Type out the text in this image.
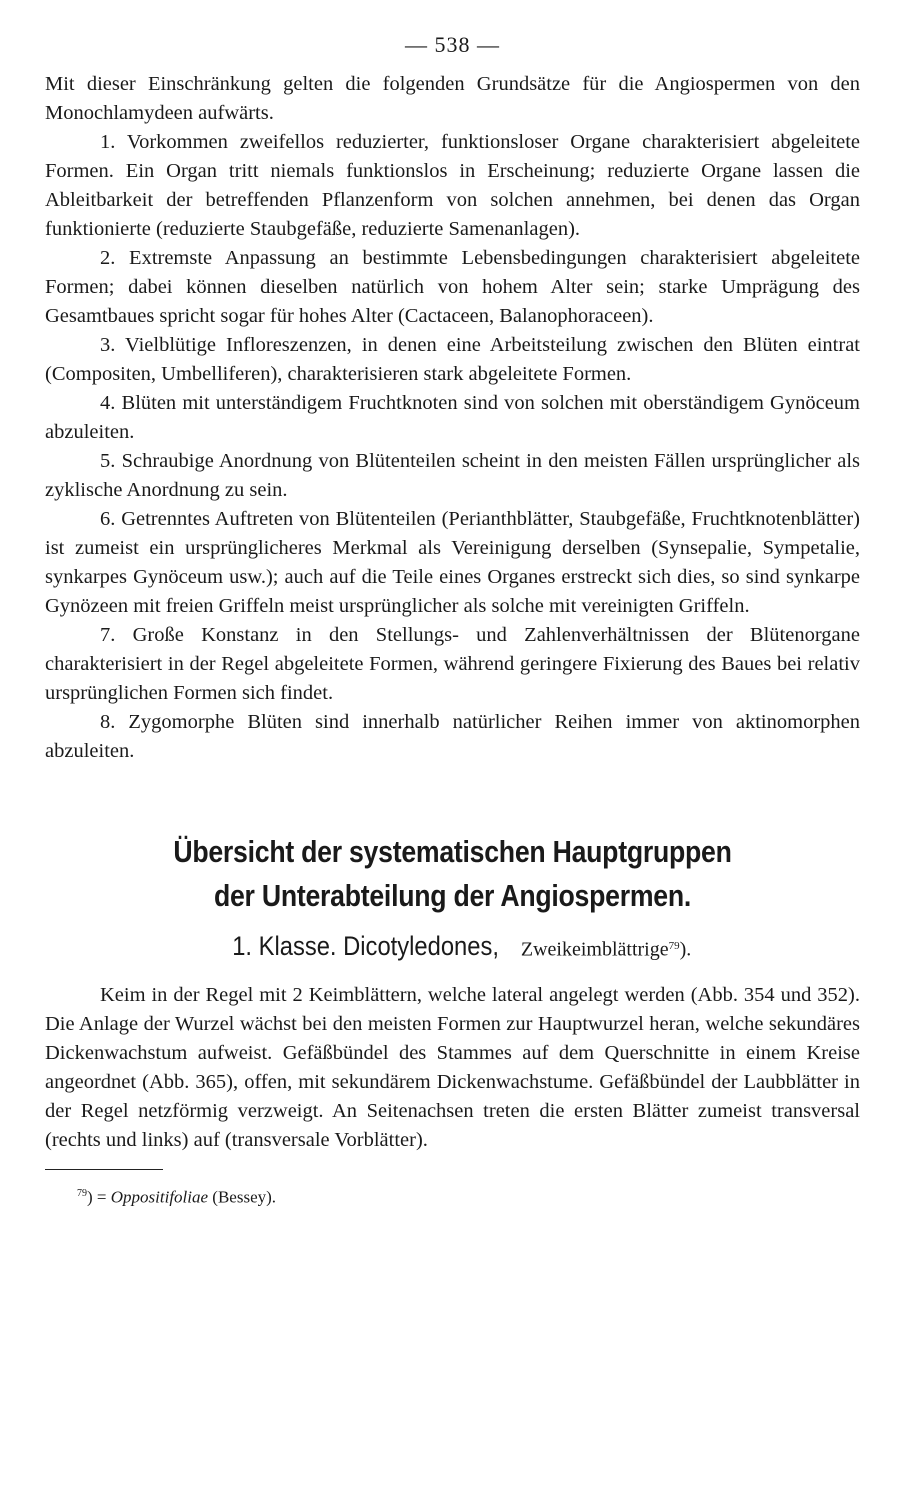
— 538 —

Mit dieser Einschränkung gelten die folgenden Grundsätze für die Angiospermen von den Monochlamydeen aufwärts.

1. Vorkommen zweifellos reduzierter, funktionsloser Organe charakterisiert abgeleitete Formen. Ein Organ tritt niemals funktionslos in Erscheinung; reduzierte Organe lassen die Ableitbarkeit der betreffenden Pflanzenform von solchen annehmen, bei denen das Organ funktionierte (reduzierte Staubgefäße, reduzierte Samenanlagen).

2. Extremste Anpassung an bestimmte Lebensbedingungen charakterisiert abgeleitete Formen; dabei können dieselben natürlich von hohem Alter sein; starke Umprägung des Gesamtbaues spricht sogar für hohes Alter (Cactaceen, Balanophoraceen).

3. Vielblütige Infloreszenzen, in denen eine Arbeitsteilung zwischen den Blüten eintrat (Compositen, Umbelliferen), charakterisieren stark abgeleitete Formen.

4. Blüten mit unterständigem Fruchtknoten sind von solchen mit oberständigem Gynöceum abzuleiten.

5. Schraubige Anordnung von Blütenteilen scheint in den meisten Fällen ursprünglicher als zyklische Anordnung zu sein.

6. Getrenntes Auftreten von Blütenteilen (Perianthblätter, Staubgefäße, Fruchtknotenblätter) ist zumeist ein ursprünglicheres Merkmal als Vereinigung derselben (Synsepalie, Sympetalie, synkarpes Gynöceum usw.); auch auf die Teile eines Organes erstreckt sich dies, so sind synkarpe Gynözeen mit freien Griffeln meist ursprünglicher als solche mit vereinigten Griffeln.

7. Große Konstanz in den Stellungs- und Zahlenverhältnissen der Blütenorgane charakterisiert in der Regel abgeleitete Formen, während geringere Fixierung des Baues bei relativ ursprünglichen Formen sich findet.

8. Zygomorphe Blüten sind innerhalb natürlicher Reihen immer von aktinomorphen abzuleiten.

Übersicht der systematischen Hauptgruppen
der Unterabteilung der Angiospermen.
1. Klasse. Dicotyledones, Zweikeimblättrige$^{79}$).

Keim in der Regel mit 2 Keimblättern, welche lateral angelegt werden (Abb. 354 und 352). Die Anlage der Wurzel wächst bei den meisten Formen zur Hauptwurzel heran, welche sekundäres Dickenwachstum aufweist. Gefäßbündel des Stammes auf dem Querschnitte in einem Kreise angeordnet (Abb. 365), offen, mit sekundärem Dickenwachstume. Gefäßbündel der Laubblätter in der Regel netzförmig verzweigt. An Seitenachsen treten die ersten Blätter zumeist transversal (rechts und links) auf (transversale Vorblätter).

$^{79}$) = Oppositifoliae (Bessey).
